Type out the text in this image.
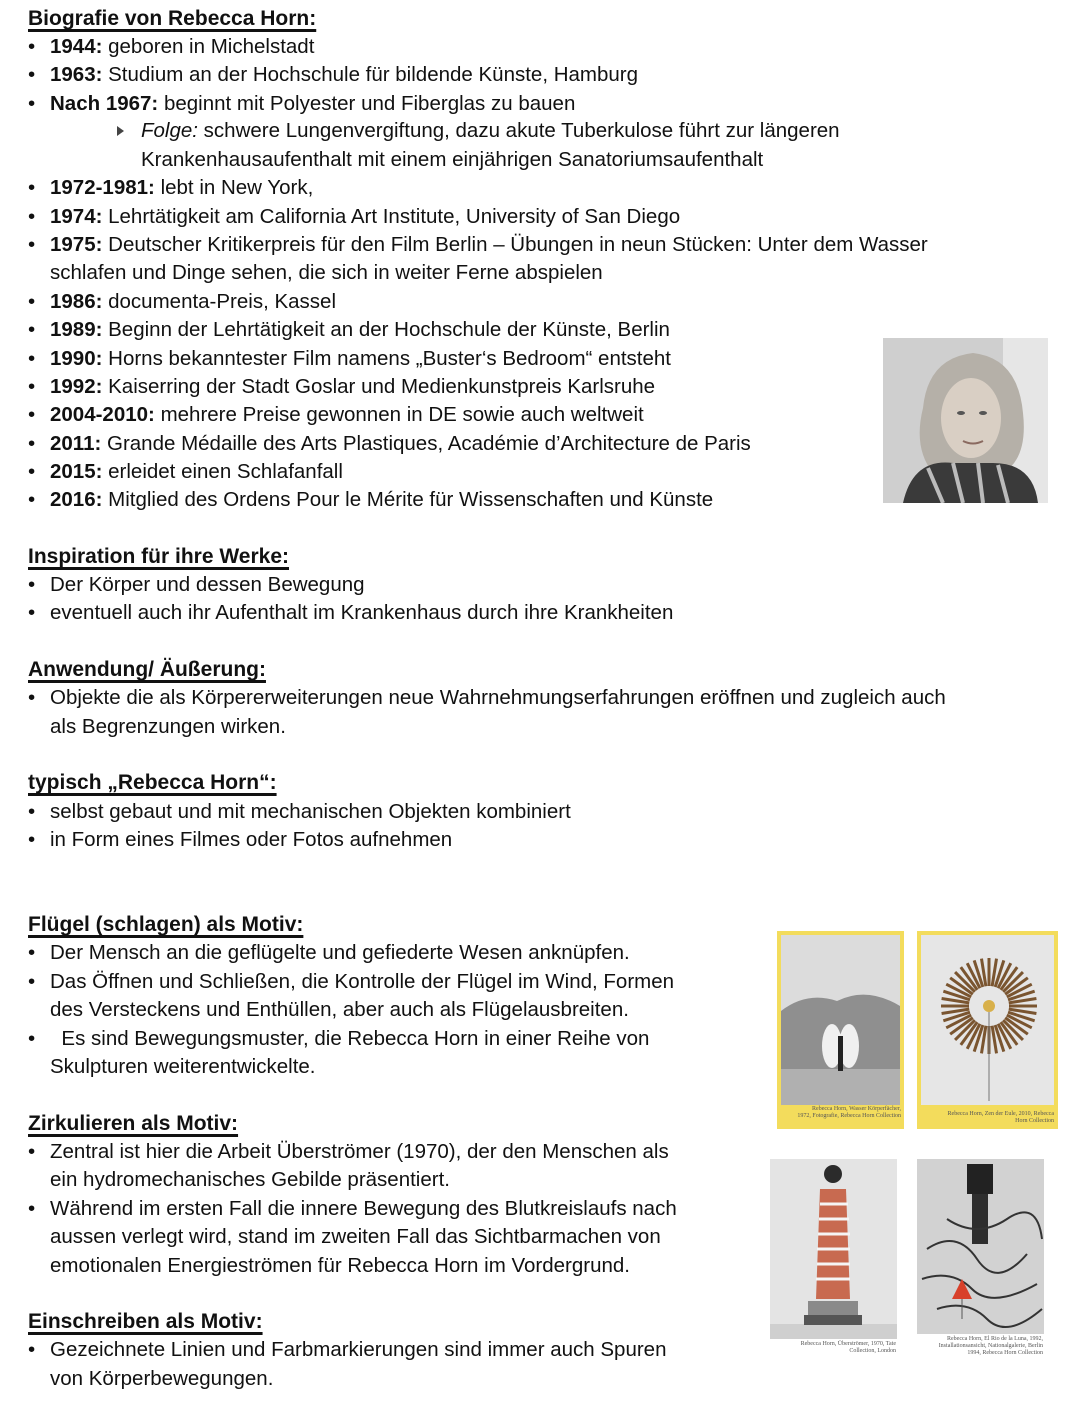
Biografie von Rebecca Horn:
• 1944: geboren in Michelstadt
• 1963: Studium an der Hochschule für bildende Künste, Hamburg
• Nach 1967: beginnt mit Polyester und Fiberglas zu bauen
• 1972-1981: lebt in New York,
• 1974: Lehrtätigkeit am California Art Institute, University of San Diego
• 1975: Deutscher Kritikerpreis für den Film Berlin – Übungen in neun Stücken: Unter dem Wasser
schlafen und Dinge sehen, die sich in weiter Ferne abspielen
• 1986: documenta-Preis, Kassel
• 1989: Beginn der Lehrtätigkeit an der Hochschule der Künste, Berlin
• 1990: Horns bekanntester Film namens „Buster‘s Bedroom“ entsteht
• 1992: Kaiserring der Stadt Goslar und Medienkunstpreis Karlsruhe
• 2004-2010: mehrere Preise gewonnen in DE sowie auch weltweit
• 2011: Grande Médaille des Arts Plastiques, Académie d’Architecture de Paris
• 2015: erleidet einen Schlafanfall
• 2016: Mitglied des Ordens Pour le Mérite für Wissenschaften und Künste
Folge: schwere Lungenvergiftung, dazu akute Tuberkulose führt zur längeren
Krankenhausaufenthalt mit einem einjährigen Sanatoriumsaufenthalt
Inspiration für ihre Werke:
• Der Körper und dessen Bewegung
• eventuell auch ihr Aufenthalt im Krankenhaus durch ihre Krankheiten
Anwendung/ Äußerung:
• Objekte die als Körpererweiterungen neue Wahrnehmungserfahrungen eröffnen und zugleich auch
als Begrenzungen wirken.
typisch „Rebecca Horn“:
• selbst gebaut und mit mechanischen Objekten kombiniert
• in Form eines Filmes oder Fotos aufnehmen
Flügel (schlagen) als Motiv:
• Der Mensch an die geflügelte und gefiederte Wesen anknüpfen.
• Das Öffnen und Schließen, die Kontrolle der Flügel im Wind, Formen
des Versteckens und Enthüllen, aber auch als Flügelausbreiten.
• Es sind Bewegungsmuster, die Rebecca Horn in einer Reihe von
Skulpturen weiterentwickelte.
Zirkulieren als Motiv:
• Zentral ist hier die Arbeit Überströmer (1970), der den Menschen als
ein hydromechanisches Gebilde präsentiert.
• Während im ersten Fall die innere Bewegung des Blutkreislaufs nach
aussen verlegt wird, stand im zweiten Fall das Sichtbarmachen von
emotionalen Energieströmen für Rebecca Horn im Vordergrund.
Einschreiben als Motiv:
• Gezeichnete Linien und Farbmarkierungen sind immer auch Spuren
von Körperbewegungen.
Rebecca Horn, Wasser Körperfächer,
1972, Fotografie, Rebecca Horn Collection	Rebecca Horn, Zen der Eule, 2010, Rebecca
Horn Collection
Rebecca Horn, Überströmer, 1970, Tate
Collection, London
Rebecca Horn, El Rio de la Luna, 1992,
Installationsansicht, Nationalgalerie, Berlin
1994, Rebecca Horn Collection
